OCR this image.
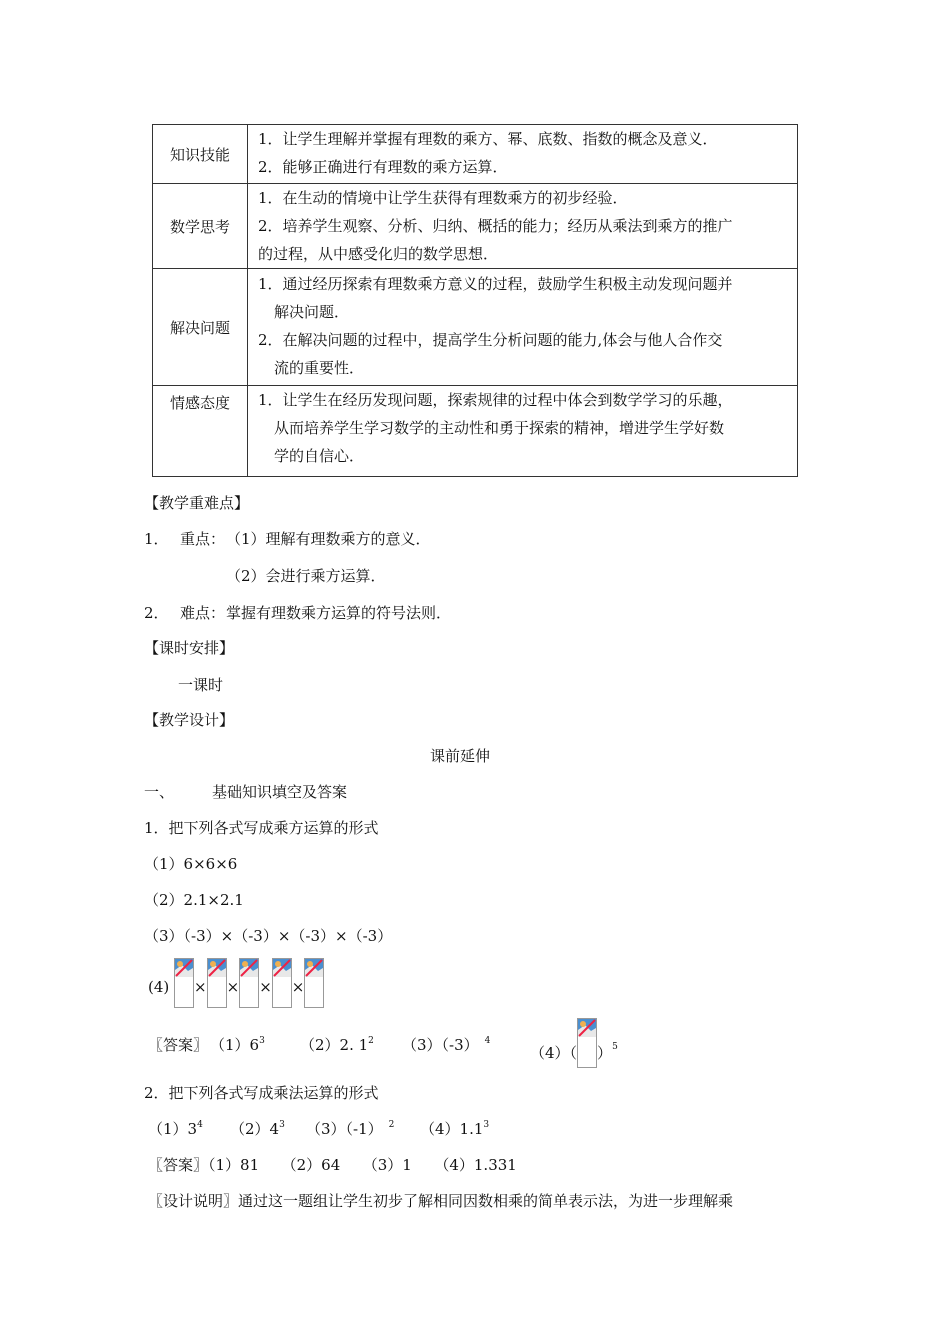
知识技能	1．让学生理解并掌握有理数的乘方、幂、底数、指数的概念及意义．
2．能够正确进行有理数的乘方运算．

数学思考	1．在生动的情境中让学生获得有理数乘方的初步经验．
2．培养学生观察、分析、归纳、概括的能力；经历从乘法到乘方的推广
的过程，从中感受化归的数学思想．

解决问题	1．通过经历探索有理数乘方意义的过程，鼓励学生积极主动发现问题并
解决问题．
2．在解决问题的过程中，提高学生分析问题的能力,体会与他人合作交
流的重要性．

情感态度	1．让学生在经历发现问题，探索规律的过程中体会到数学学习的乐趣，
从而培养学生学习数学的主动性和勇于探索的精神，增进学生学好数
学的自信心．
【教学重难点】
1． 重点： （1）理解有理数乘方的意义．
（2）会进行乘方运算．
2． 难点： 掌握有理数乘方运算的符号法则．
【课时安排】
一课时
【教学设计】
课前延伸
一、	基础知识填空及答案
1．把下列各式写成乘方运算的形式
（1）6×6×6
（2）2.1×2.1
（3）（-3）×（-3）×（-3）×（-3）
(4) × × × ×
〖答案〗 $(1)6^3$ （2）2. $1^2$ （3）（-3） $^4$
（4）（ ）$^5$
2．把下列各式写成乘法运算的形式
$(1)3^4$ $(2)4^3$ （3）（-1） $^2$ $(4)1.1^3$
〖答案〗（1）81　　（2）64　　（3）1　　（4）1.331
〖设计说明〗通过这一题组让学生初步了解相同因数相乘的简单表示法，为进一步理解乘
